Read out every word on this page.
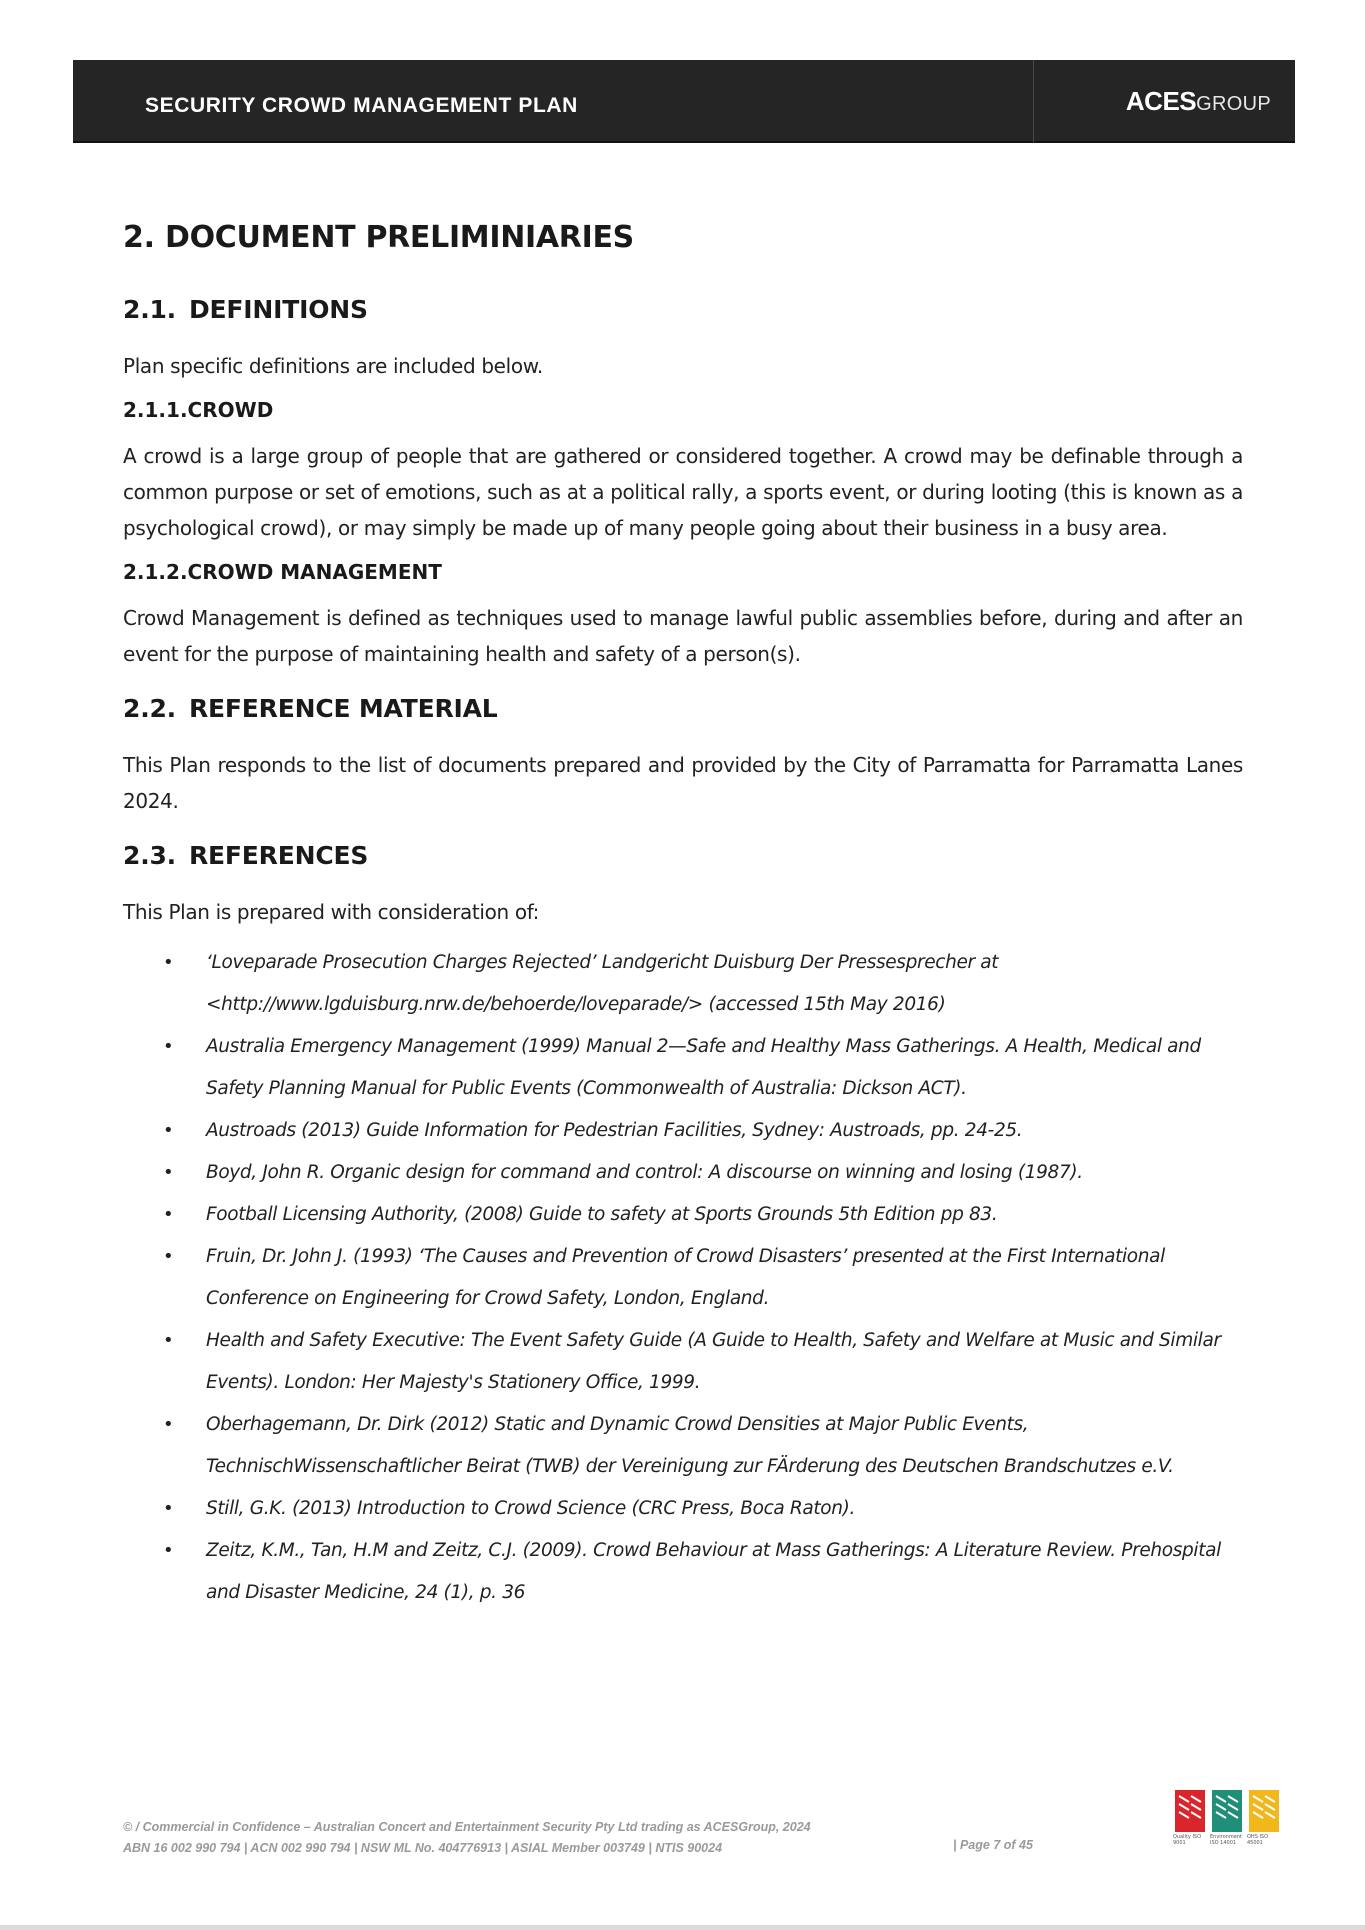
SECURITY CROWD MANAGEMENT PLAN	ACESGROUP
2. DOCUMENT PRELIMINIARIES
2.1. DEFINITIONS

Plan specific definitions are included below.

2.1.1.CROWD

A crowd is a large group of people that are gathered or considered together. A crowd may be definable through a common purpose or set of emotions, such as at a political rally, a sports event, or during looting (this is known as a psychological crowd), or may simply be made up of many people going about their business in a busy area.

2.1.2.CROWD MANAGEMENT

Crowd Management is defined as techniques used to manage lawful public assemblies before, during and after an event for the purpose of maintaining health and safety of a person(s).

2.2. REFERENCE MATERIAL

This Plan responds to the list of documents prepared and provided by the City of Parramatta for Parramatta Lanes 2024.

2.3. REFERENCES

This Plan is prepared with consideration of:

• ‘Loveparade Prosecution Charges Rejected’ Landgericht Duisburg Der Pressesprecher at <http://www.lgduisburg.nrw.de/behoerde/loveparade/> (accessed 15th May 2016)
• Australia Emergency Management (1999) Manual 2—Safe and Healthy Mass Gatherings. A Health, Medical and Safety Planning Manual for Public Events (Commonwealth of Australia: Dickson ACT).
• Austroads (2013) Guide Information for Pedestrian Facilities, Sydney: Austroads, pp. 24-25.
• Boyd, John R. Organic design for command and control: A discourse on winning and losing (1987).
• Football Licensing Authority, (2008) Guide to safety at Sports Grounds 5th Edition pp 83.
• Fruin, Dr. John J. (1993) ‘The Causes and Prevention of Crowd Disasters’ presented at the First International Conference on Engineering for Crowd Safety, London, England.
• Health and Safety Executive: The Event Safety Guide (A Guide to Health, Safety and Welfare at Music and Similar Events). London: Her Majesty's Stationery Office, 1999.
• Oberhagemann, Dr. Dirk (2012) Static and Dynamic Crowd Densities at Major Public Events, TechnischWissenschaftlicher Beirat (TWB) der Vereinigung zur FÄrderung des Deutschen Brandschutzes e.V.
• Still, G.K. (2013) Introduction to Crowd Science (CRC Press, Boca Raton).
• Zeitz, K.M., Tan, H.M and Zeitz, C.J. (2009). Crowd Behaviour at Mass Gatherings: A Literature Review. Prehospital and Disaster Medicine, 24 (1), p. 36
© / Commercial in Confidence – Australian Concert and Entertainment Security Pty Ltd trading as ACESGroup, 2024
ABN 16 002 990 794 | ACN 002 990 794 | NSW ML No. 404776913 | ASIAL Member 003749 | NTIS 90024	| Page 7 of 45
Quality ISO 9001
Environment ISO 14001
OHS ISO 45001
